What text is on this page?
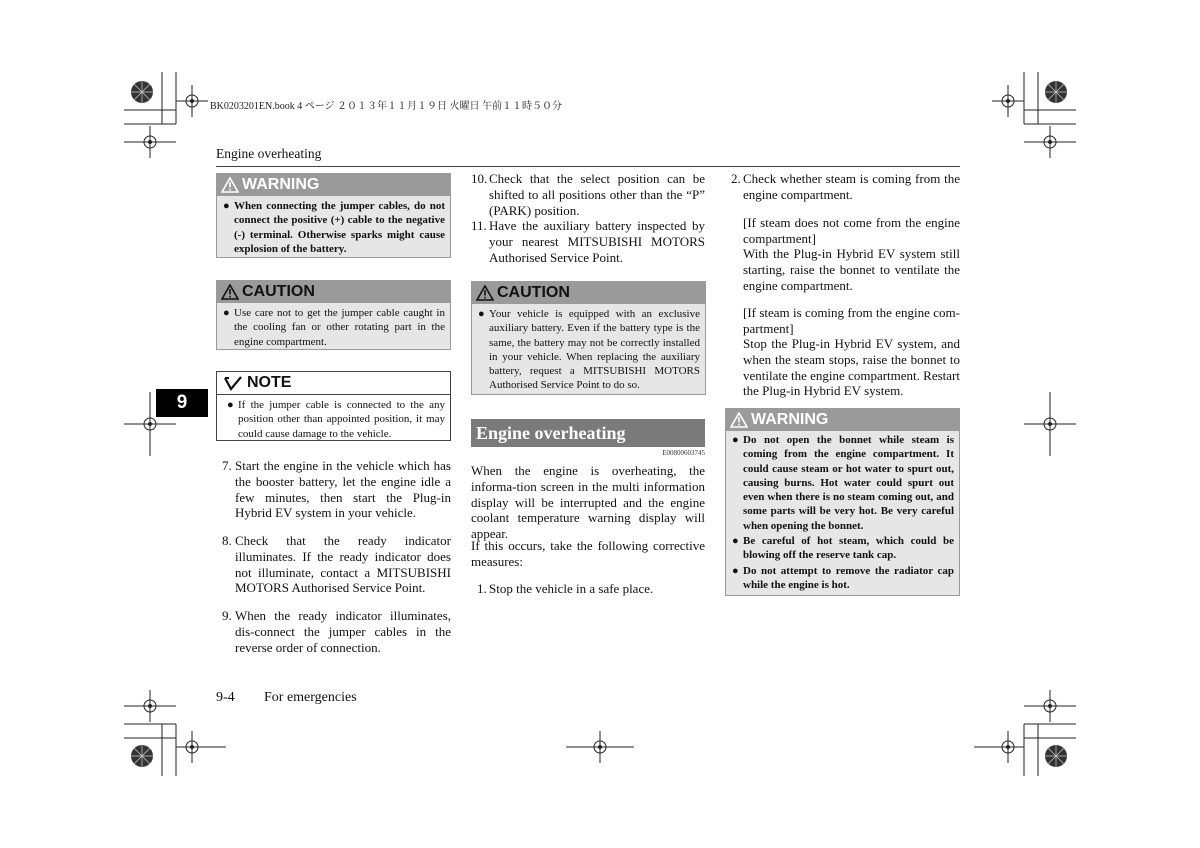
BK0203201EN.book 4 ページ ２０１３年１１月１９日 火曜日 午前１１時５０分
Engine overheating
9
WARNING
● When connecting the jumper cables, do not connect the positive (+) cable to the negative (-) terminal. Otherwise sparks might cause explosion of the battery.
CAUTION
● Use care not to get the jumper cable caught in the cooling fan or other rotating part in the engine compartment.
NOTE
● If the jumper cable is connected to the any position other than appointed position, it may could cause damage to the vehicle.
7. Start the engine in the vehicle which has the booster battery, let the engine idle a few minutes, then start the Plug-in Hybrid EV system in your vehicle.
8. Check that the ready indicator illuminates. If the ready indicator does not illuminate, contact a MITSUBISHI MOTORS Authorised Service Point.
9. When the ready indicator illuminates, dis-connect the jumper cables in the reverse order of connection.
10. Check that the select position can be shifted to all positions other than the “P” (PARK) position.
11. Have the auxiliary battery inspected by your nearest MITSUBISHI MOTORS Authorised Service Point.
CAUTION
● Your vehicle is equipped with an exclusive auxiliary battery. Even if the battery type is the same, the battery may not be correctly installed in your vehicle. When replacing the auxiliary battery, request a MITSUBISHI MOTORS Authorised Service Point to do so.
Engine overheating
E00800603745
When the engine is overheating, the informa-tion screen in the multi information display will be interrupted and the engine coolant temperature warning display will appear.
If this occurs, take the following corrective measures:
1. Stop the vehicle in a safe place.
2. Check whether steam is coming from the engine compartment.
[If steam does not come from the engine compartment]
With the Plug-in Hybrid EV system still starting, raise the bonnet to ventilate the engine compartment.
[If steam is coming from the engine com-partment]
Stop the Plug-in Hybrid EV system, and when the steam stops, raise the bonnet to ventilate the engine compartment. Restart the Plug-in Hybrid EV system.
WARNING
● Do not open the bonnet while steam is coming from the engine compartment. It could cause steam or hot water to spurt out, causing burns. Hot water could spurt out even when there is no steam coming out, and some parts will be very hot. Be very careful when opening the bonnet.
● Be careful of hot steam, which could be blowing off the reserve tank cap.
● Do not attempt to remove the radiator cap while the engine is hot.
9-4 For emergencies
